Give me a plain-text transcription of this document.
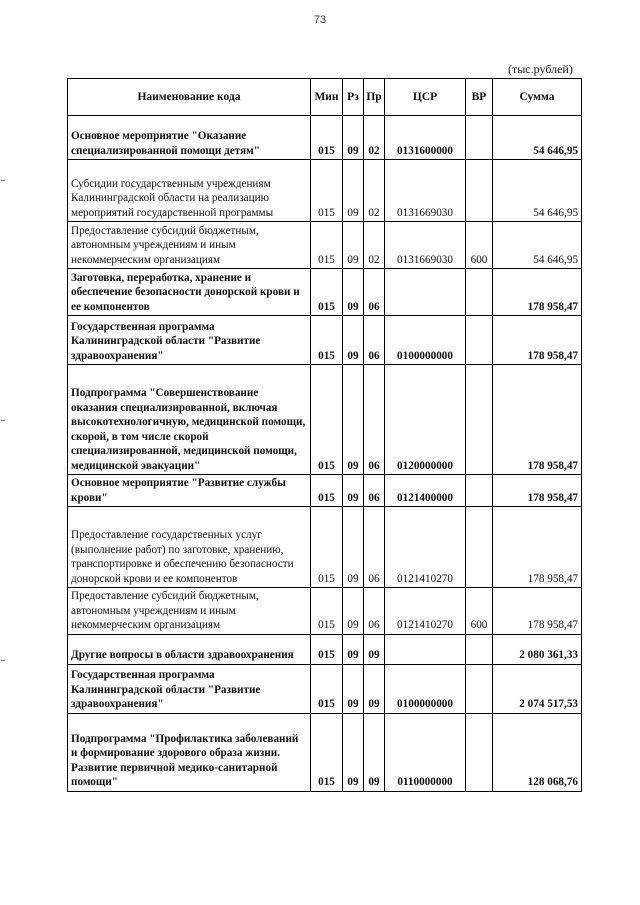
73
(тыс.рублей)
Наименование кода	Мин	Рз	Пр	ЦСР	ВР	Сумма
Основное мероприятие "Оказание специализированной помощи детям"	015	09	02	0131600000		54 646,95
Субсидии государственным учреждениям Калининградской области на реализацию мероприятий государственной программы	015	09	02	0131669030		54 646,95
Предоставление субсидий бюджетным, автономным учреждениям и иным некоммерческим организациям	015	09	02	0131669030	600	54 646,95
Заготовка, переработка, хранение и обеспечение безопасности донорской крови и ее компонентов	015	09	06			178 958,47
Государственная программа Калининградской области "Развитие здравоохранения"	015	09	06	0100000000		178 958,47
Подпрограмма "Совершенствование оказания специализированной, включая высокотехнологичную, медицинской помощи, скорой, в том числе скорой специализированной, медицинской помощи, медицинской эвакуации"	015	09	06	0120000000		178 958,47
Основное мероприятие "Развитие службы крови"	015	09	06	0121400000		178 958,47
Предоставление государственных услуг (выполнение работ) по заготовке, хранению, транспортировке и обеспечению безопасности донорской крови и ее компонентов	015	09	06	0121410270		178 958,47
Предоставление субсидий бюджетным, автономным учреждениям и иным некоммерческим организациям	015	09	06	0121410270	600	178 958,47
Другие вопросы в области здравоохранения	015	09	09			2 080 361,33
Государственная программа Калининградской области "Развитие здравоохранения"	015	09	09	0100000000		2 074 517,53
Подпрограмма "Профилактика заболеваний и формирование здорового образа жизни. Развитие первичной медико-санитарной помощи"	015	09	09	0110000000		128 068,76
